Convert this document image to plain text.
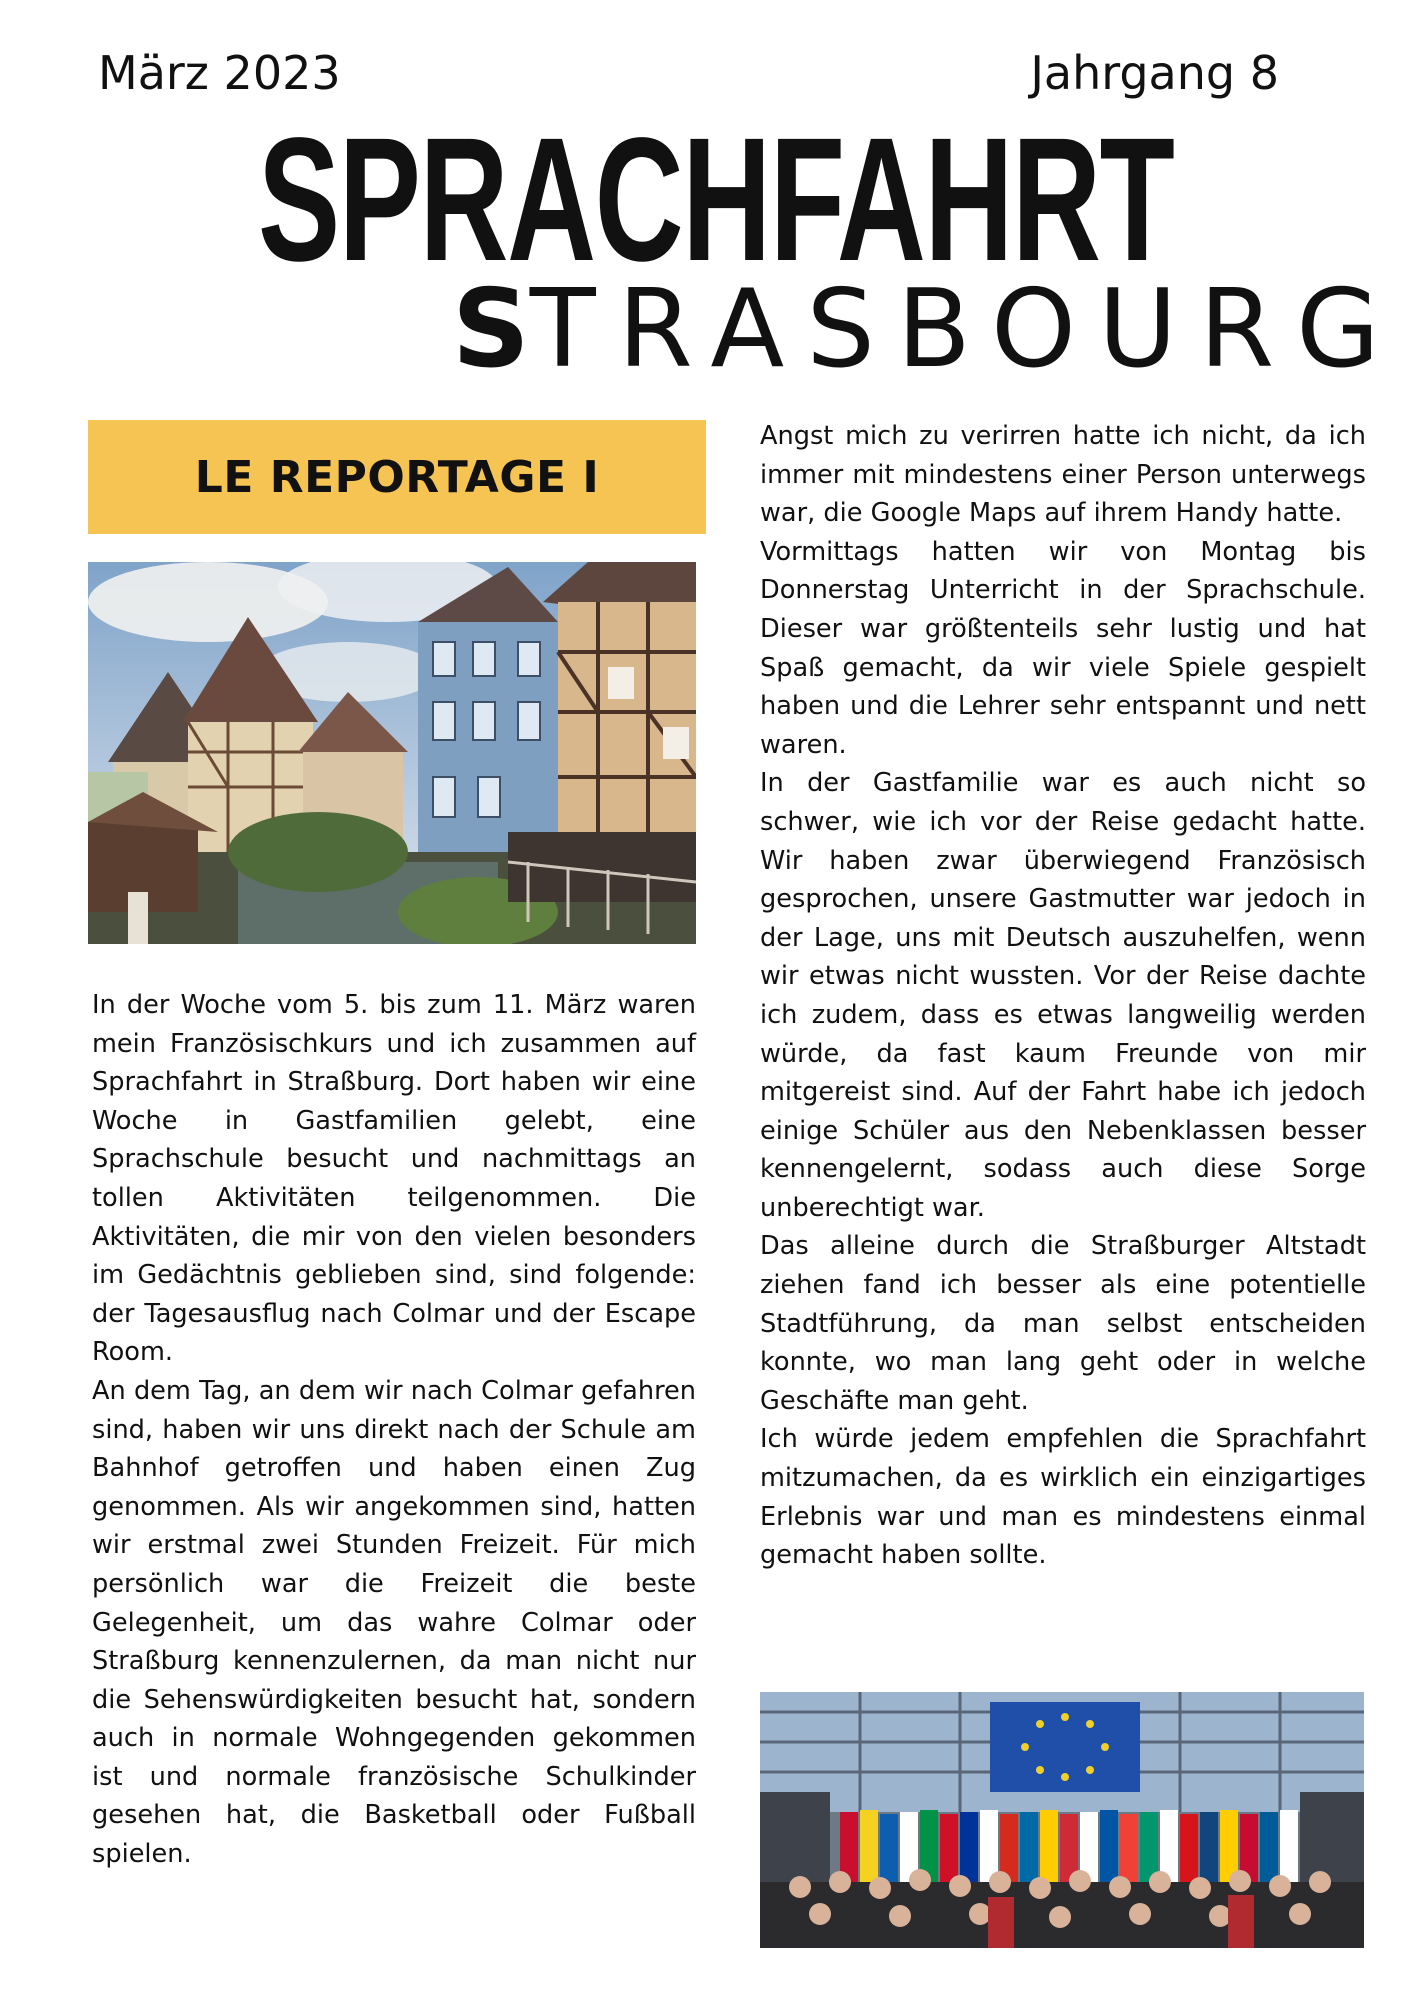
März 2023	Jahrgang 8
SPRACHFAHRT
STRASBOURG
LE REPORTAGE I

In der Woche vom 5. bis zum 11. März waren mein Französischkurs und ich zusammen auf Sprachfahrt in Straßburg. Dort haben wir eine Woche in Gastfamilien gelebt, eine Sprachschule besucht und nachmittags an tollen Aktivitäten teilgenommen. Die Aktivitäten, die mir von den vielen besonders im Gedächtnis geblieben sind, sind folgende: der Tagesausflug nach Colmar und der Escape Room.

An dem Tag, an dem wir nach Colmar gefahren sind, haben wir uns direkt nach der Schule am Bahnhof getroffen und haben einen Zug genommen. Als wir angekommen sind, hatten wir erstmal zwei Stunden Freizeit. Für mich persönlich war die Freizeit die beste Gelegenheit, um das wahre Colmar oder Straßburg kennenzulernen, da man nicht nur die Sehenswürdigkeiten besucht hat, sondern auch in normale Wohngegenden gekommen ist und normale französische Schulkinder gesehen hat, die Basketball oder Fußball spielen.

Angst mich zu verirren hatte ich nicht, da ich immer mit mindestens einer Person unterwegs war, die Google Maps auf ihrem Handy hatte.

Vormittags hatten wir von Montag bis Donnerstag Unterricht in der Sprachschule. Dieser war größtenteils sehr lustig und hat Spaß gemacht, da wir viele Spiele gespielt haben und die Lehrer sehr entspannt und nett waren.

In der Gastfamilie war es auch nicht so schwer, wie ich vor der Reise gedacht hatte. Wir haben zwar überwiegend Französisch gesprochen, unsere Gastmutter war jedoch in der Lage, uns mit Deutsch auszuhelfen, wenn wir etwas nicht wussten. Vor der Reise dachte ich zudem, dass es etwas langweilig werden würde, da fast kaum Freunde von mir mitgereist sind. Auf der Fahrt habe ich jedoch einige Schüler aus den Nebenklassen besser kennengelernt, sodass auch diese Sorge unberechtigt war.

Das alleine durch die Straßburger Altstadt ziehen fand ich besser als eine potentielle Stadtführung, da man selbst entscheiden konnte, wo man lang geht oder in welche Geschäfte man geht.

Ich würde jedem empfehlen die Sprachfahrt mitzumachen, da es wirklich ein einzigartiges Erlebnis war und man es mindestens einmal gemacht haben sollte.
